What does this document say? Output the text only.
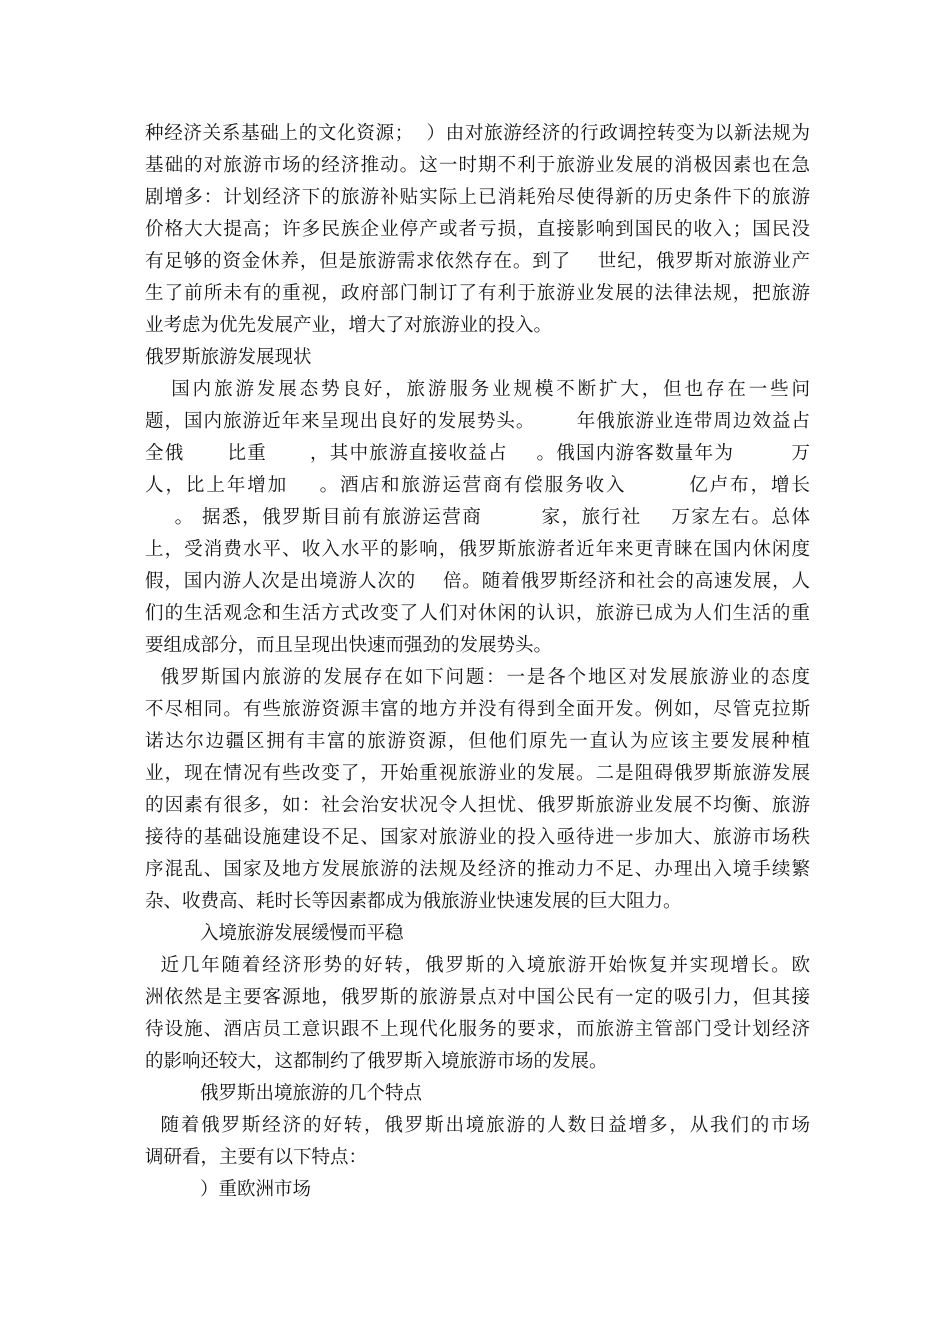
种经济关系基础上的文化资源；  ）由对旅游经济的行政调控转变为以新法规为
基础的对旅游市场的经济推动。这一时期不利于旅游业发展的消极因素也在急
剧增多：计划经济下的旅游补贴实际上已消耗殆尽使得新的历史条件下的旅游
价格大大提高；许多民族企业停产或者亏损，直接影响到国民的收入；国民没
有足够的资金休养，但是旅游需求依然存在。到了    世纪，俄罗斯对旅游业产
生了前所未有的重视，政府部门制订了有利于旅游业发展的法律法规，把旅游
业考虑为优先发展产业，增大了对旅游业的投入。
俄罗斯旅游发展现状
国内旅游发展态势良好，旅游服务业规模不断扩大，但也存在一些问
题，国内旅游近年来呈现出良好的发展势头。      年俄旅游业连带周边效益占
全俄      比重      ，其中旅游直接收益占    。俄国内游客数量年为        万
人，比上年增加    。酒店和旅游运营商有偿服务收入        亿卢布，增长
。 据悉，俄罗斯目前有旅游运营商        家，旅行社    万家左右。总体
上，受消费水平、收入水平的影响，俄罗斯旅游者近年来更青睐在国内休闲度
假，国内游人次是出境游人次的    倍。随着俄罗斯经济和社会的高速发展，人
们的生活观念和生活方式改变了人们对休闲的认识，旅游已成为人们生活的重
要组成部分，而且呈现出快速而强劲的发展势头。
俄罗斯国内旅游的发展存在如下问题：一是各个地区对发展旅游业的态度
不尽相同。有些旅游资源丰富的地方并没有得到全面开发。例如，尽管克拉斯
诺达尔边疆区拥有丰富的旅游资源，但他们原先一直认为应该主要发展种植
业，现在情况有些改变了，开始重视旅游业的发展。二是阻碍俄罗斯旅游发展
的因素有很多，如：社会治安状况令人担忧、俄罗斯旅游业发展不均衡、旅游
接待的基础设施建设不足、国家对旅游业的投入亟待进一步加大、旅游市场秩
序混乱、国家及地方发展旅游的法规及经济的推动力不足、办理出入境手续繁
杂、收费高、耗时长等因素都成为俄旅游业快速发展的巨大阻力。
入境旅游发展缓慢而平稳
近几年随着经济形势的好转，俄罗斯的入境旅游开始恢复并实现增长。欧
洲依然是主要客源地，俄罗斯的旅游景点对中国公民有一定的吸引力，但其接
待设施、酒店员工意识跟不上现代化服务的要求，而旅游主管部门受计划经济
的影响还较大，这都制约了俄罗斯入境旅游市场的发展。
俄罗斯出境旅游的几个特点
随着俄罗斯经济的好转，俄罗斯出境旅游的人数日益增多，从我们的市场
调研看，主要有以下特点：
）重欧洲市场
